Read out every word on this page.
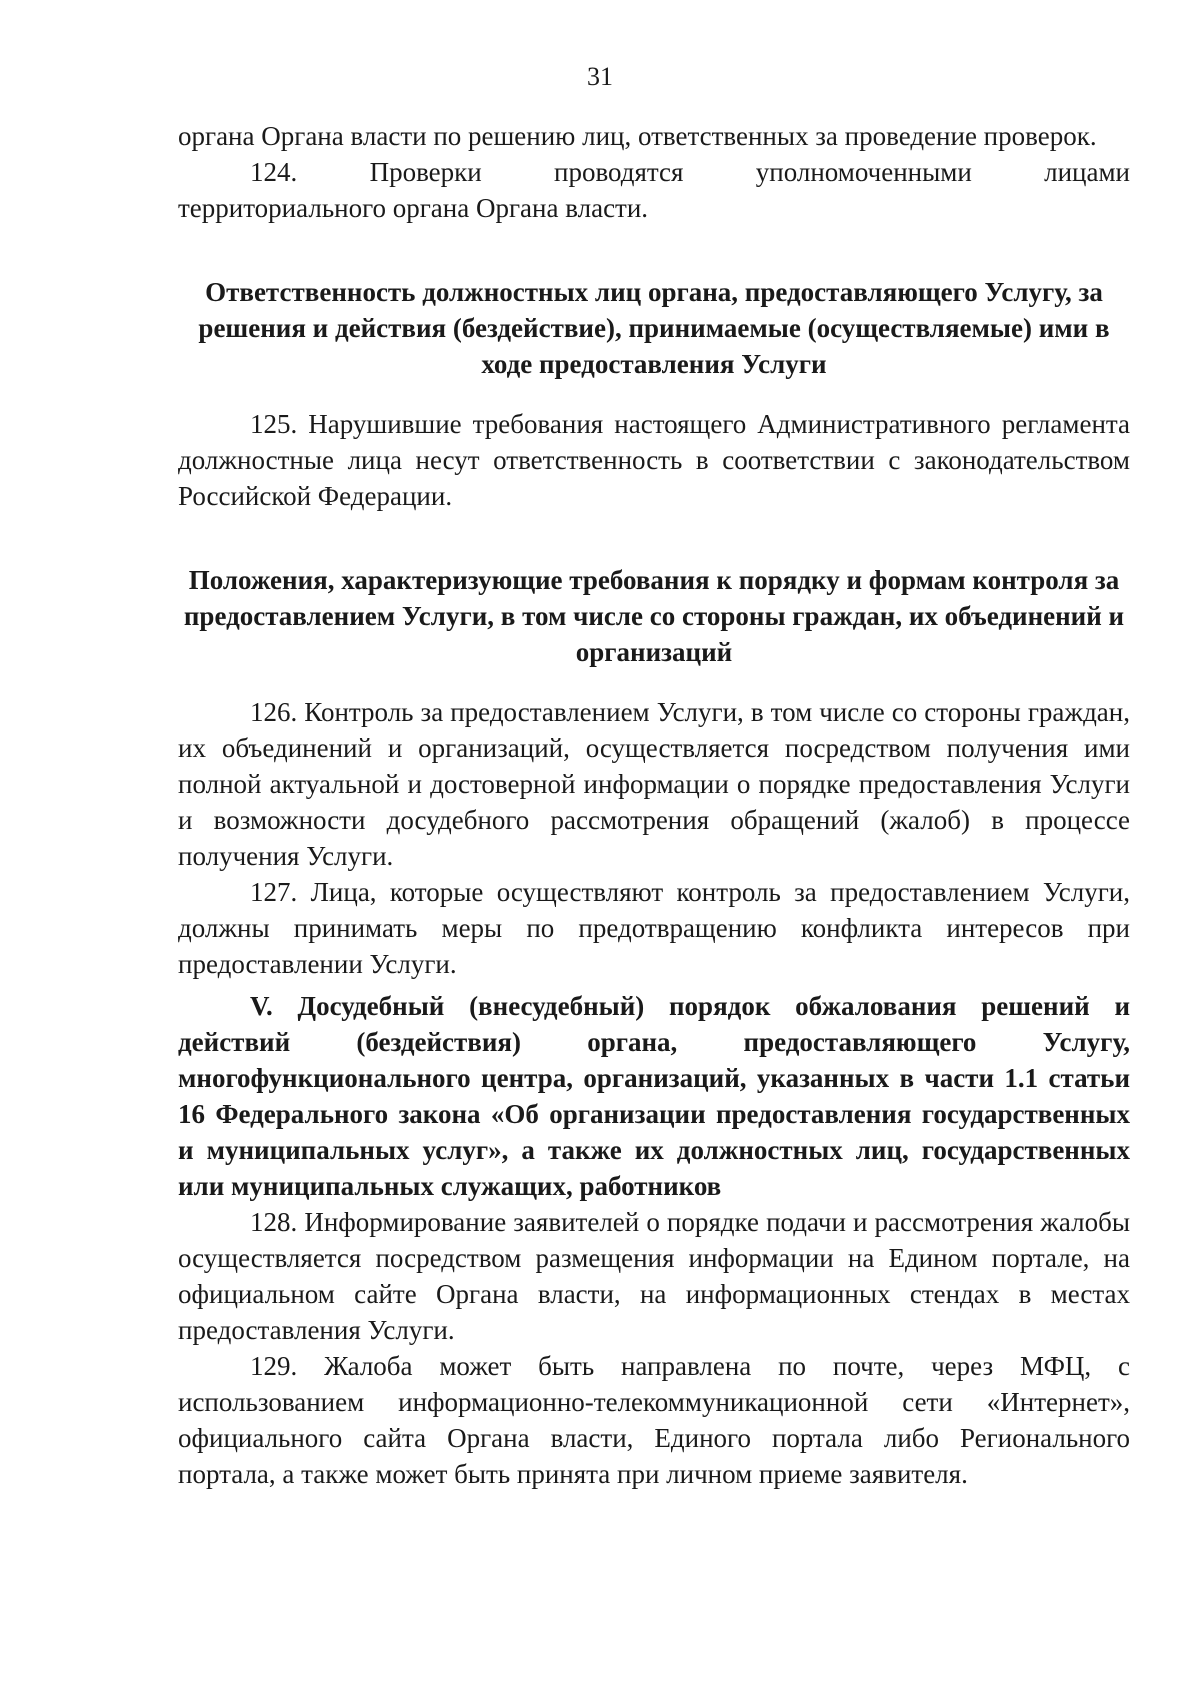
31

органа Органа власти по решению лиц, ответственных за проведение проверок.

124. Проверки проводятся уполномоченными лицами

территориального органа Органа власти.

Ответственность должностных лиц органа, предоставляющего Услугу, за решения и действия (бездействие), принимаемые (осуществляемые) ими в ходе предоставления Услуги

125. Нарушившие требования настоящего Административного регламента должностные лица несут ответственность в соответствии с законодательством Российской Федерации.

Положения, характеризующие требования к порядку и формам контроля за предоставлением Услуги, в том числе со стороны граждан, их объединений и организаций

126. Контроль за предоставлением Услуги, в том числе со стороны граждан, их объединений и организаций, осуществляется посредством получения ими полной актуальной и достоверной информации о порядке предоставления Услуги и возможности досудебного рассмотрения обращений (жалоб) в процессе получения Услуги.

127. Лица, которые осуществляют контроль за предоставлением Услуги, должны принимать меры по предотвращению конфликта интересов при предоставлении Услуги.

V. Досудебный (внесудебный) порядок обжалования решений и действий (бездействия) органа, предоставляющего Услугу, многофункционального центра, организаций, указанных в части 1.1 статьи 16 Федерального закона «Об организации предоставления государственных и муниципальных услуг», а также их должностных лиц, государственных или муниципальных служащих, работников

128. Информирование заявителей о порядке подачи и рассмотрения жалобы осуществляется посредством размещения информации на Едином портале, на официальном сайте Органа власти, на информационных стендах в местах предоставления Услуги.

129. Жалоба может быть направлена по почте, через МФЦ, с использованием информационно-телекоммуникационной сети «Интернет», официального сайта Органа власти, Единого портала либо Регионального портала, а также может быть принята при личном приеме заявителя.
